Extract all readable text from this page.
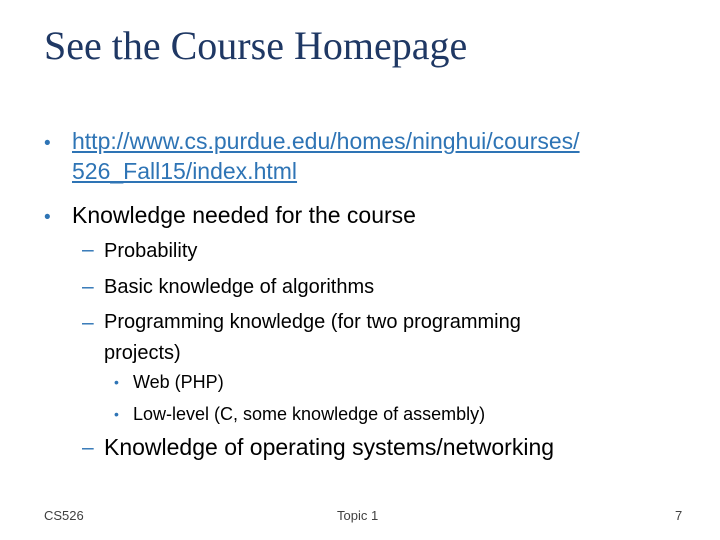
See the Course Homepage
• http://www.cs.purdue.edu/homes/ninghui/courses/
526_Fall15/index.html
• Knowledge needed for the course
– Probability
– Basic knowledge of algorithms
– Programming knowledge (for two programming
projects)
• Web (PHP)
• Low-level (C, some knowledge of assembly)
– Knowledge of operating systems/networking
CS526	Topic 1	7
